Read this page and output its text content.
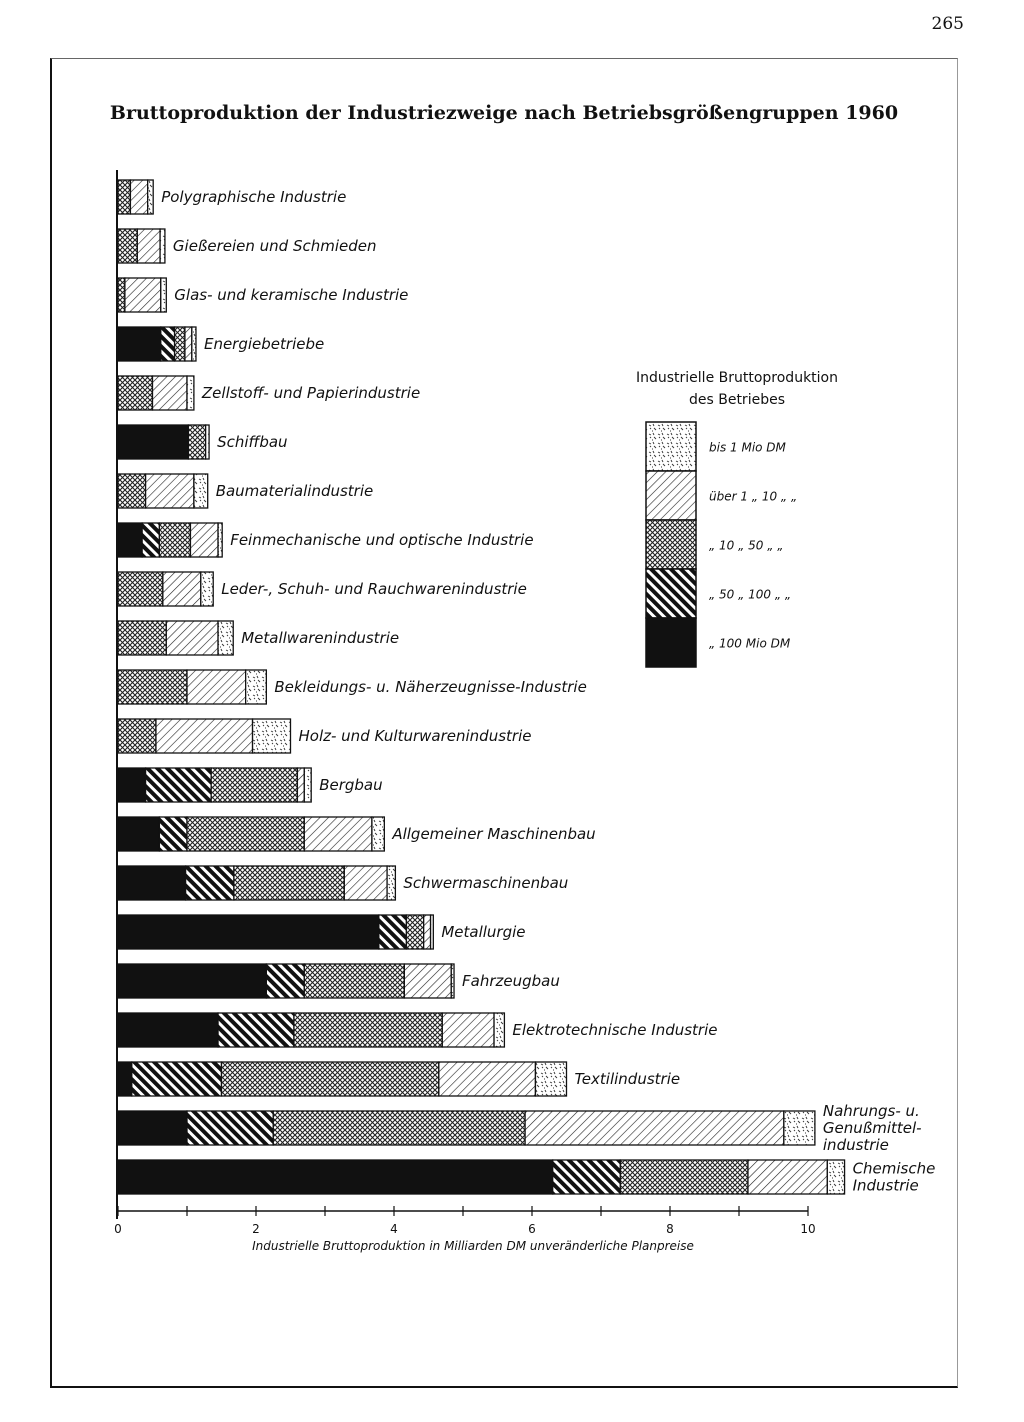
265
Bruttoproduktion der Industriezweige nach Betriebsgrößengruppen 1960
Polygraphische Industrie
Gießereien und Schmieden
Glas- und keramische Industrie
Energiebetriebe
Zellstoff- und Papierindustrie
Schiffbau
Baumaterialindustrie
Feinmechanische und optische Industrie
Leder-, Schuh- und Rauchwarenindustrie
Metallwarenindustrie
Bekleidungs- u. Näherzeugnisse-Industrie
Holz- und Kulturwarenindustrie
Bergbau
Allgemeiner Maschinenbau
Schwermaschinenbau
Metallurgie
Fahrzeugbau
Elektrotechnische Industrie
Textilindustrie
Nahrungs- u.
Genußmittel-
industrie
Chemische
Industrie
0	2	4	6	8	10
Industrielle Bruttoproduktion in Milliarden DM unveränderliche Planpreise
Industrielle Bruttoproduktion
des Betriebes
bis 1 Mio DM
über 1 „ 10 „ „
„ 10 „ 50 „ „
„ 50 „ 100 „ „
„ 100 Mio DM
